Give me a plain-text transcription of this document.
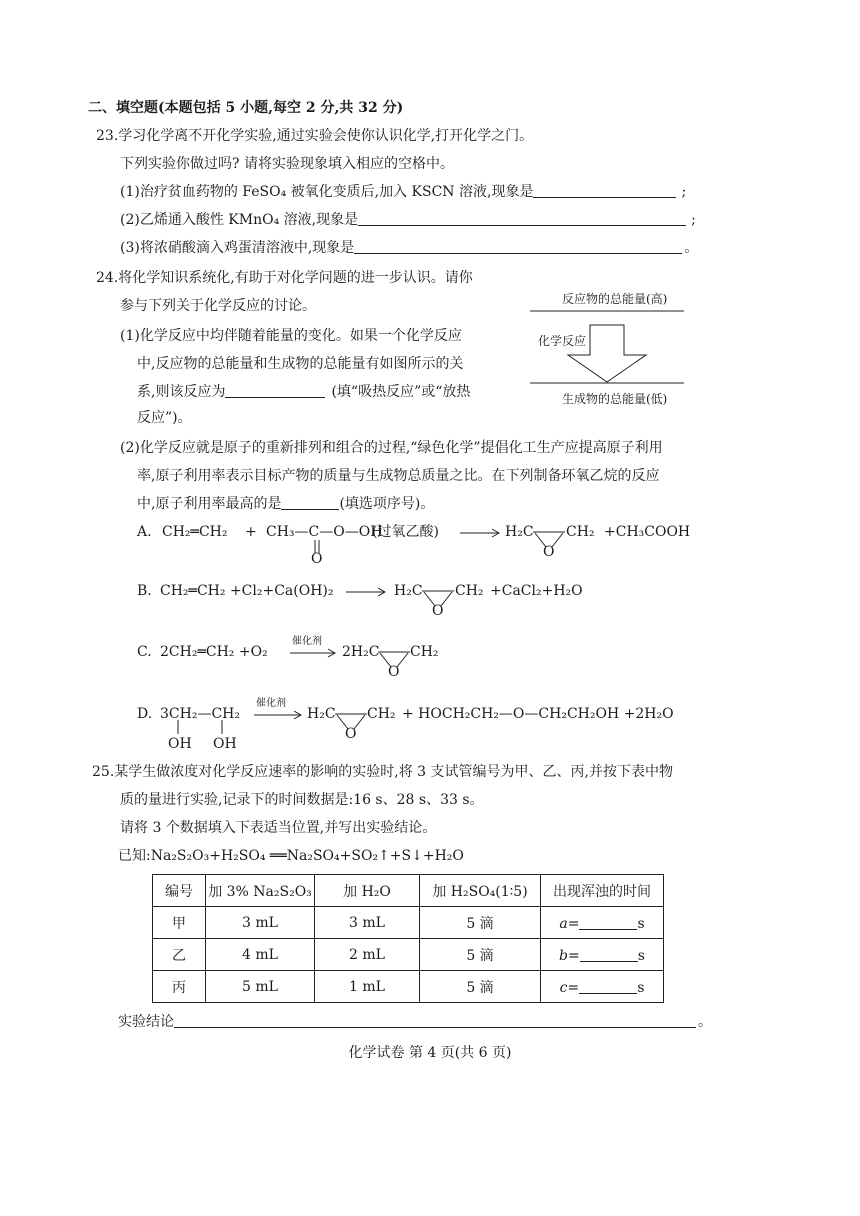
二、填空题(本题包括 5 小题,每空 2 分,共 32 分)
23.学习化学离不开化学实验,通过实验会使你认识化学,打开化学之门。
下列实验你做过吗? 请将实验现象填入相应的空格中。
(1)治疗贫血药物的 FeSO₄ 被氧化变质后,加入 KSCN 溶液,现象是	;
(2)乙烯通入酸性 KMnO₄ 溶液,现象是	;
(3)将浓硝酸滴入鸡蛋清溶液中,现象是	。
24.将化学知识系统化,有助于对化学问题的进一步认识。请你
参与下列关于化学反应的讨论。
(1)化学反应中均伴随着能量的变化。如果一个化学反应
中,反应物的总能量和生成物的总能量有如图所示的关
系,则该反应为	(填“吸热反应”或“放热
反应”)。
反应物的总能量(高)
化学反应
生成物的总能量(低)
(2)化学反应就是原子的重新排列和组合的过程,“绿色化学”提倡化工生产应提高原子利用
率,原子利用率表示目标产物的质量与生成物总质量之比。在下列制备环氧乙烷的反应
中,原子利用率最高的是	(填选项序号)。
A. CH₂═CH₂ + CH₃—C—O—OH
O
(过氧乙酸) → H₂C CH₂
O
+CH₃COOH
B. CH₂═CH₂ +Cl₂+Ca(OH)₂ → H₂C CH₂
O
+CaCl₂+H₂O
C. 2CH₂═CH₂ +O₂
催化剂
→ 2H₂C CH₂
O
D. 3CH₂—CH₂
OH OH
催化剂
→ H₂C CH₂
O
+ HOCH₂CH₂—O—CH₂CH₂OH +2H₂O
25.某学生做浓度对化学反应速率的影响的实验时,将 3 支试管编号为甲、乙、丙,并按下表中物
质的量进行实验,记录下的时间数据是:16 s、28 s、33 s。
请将 3 个数据填入下表适当位置,并写出实验结论。
已知:Na₂S₂O₃+H₂SO₄ ══Na₂SO₄+SO₂↑+S↓+H₂O
编号	加 3% Na₂S₂O₃	加 H₂O	加 H₂SO₄(1∶5)	出现浑浊的时间
甲	3 mL	3 mL	5 滴	a= s
乙	4 mL	2 mL	5 滴	b= s
丙	5 mL	1 mL	5 滴	c= s
实验结论	。
化学试卷 第 4 页(共 6 页)
